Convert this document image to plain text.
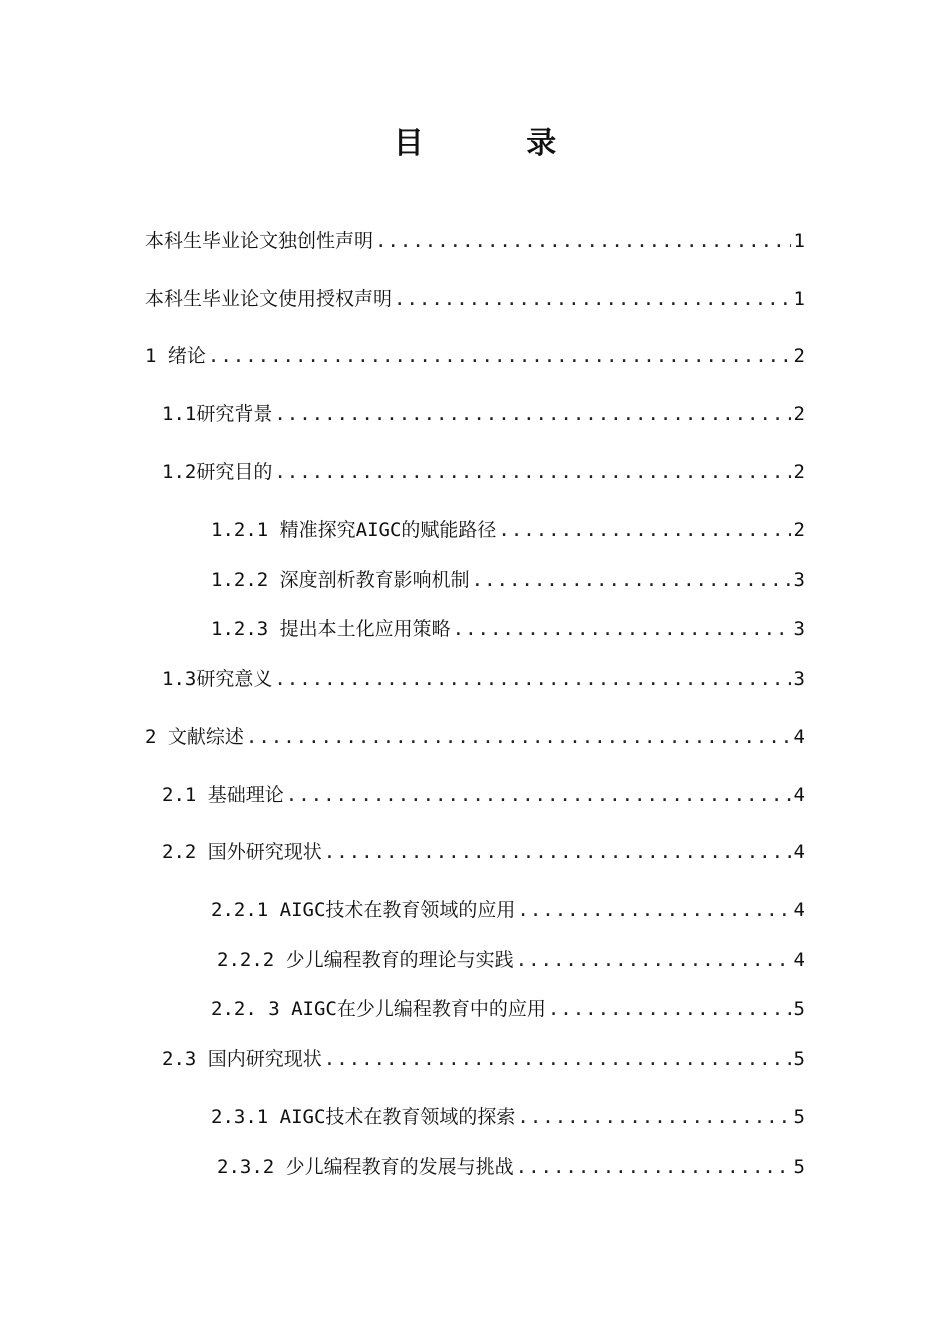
目 录
本科生毕业论文独创性声明 .....	1
本科生毕业论文使用授权声明 .....	1
1 绪论 .....	2
1.1研究背景 .....	2
1.2研究目的 .....	2
1.2.1 精准探究AIGC的赋能路径 .....	2
1.2.2 深度剖析教育影响机制 .....	3
1.2.3 提出本土化应用策略 .....	3
1.3研究意义 .....	3
2 文献综述 .....	4
2.1 基础理论 .....	4
2.2 国外研究现状 .....	4
2.2.1 AIGC技术在教育领域的应用 .....	4
2.2.2 少儿编程教育的理论与实践 .....	4
2.2. 3 AIGC在少儿编程教育中的应用 .....	5
2.3 国内研究现状 .....	5
2.3.1 AIGC技术在教育领域的探索 .....	5
2.3.2 少儿编程教育的发展与挑战 .....	5
